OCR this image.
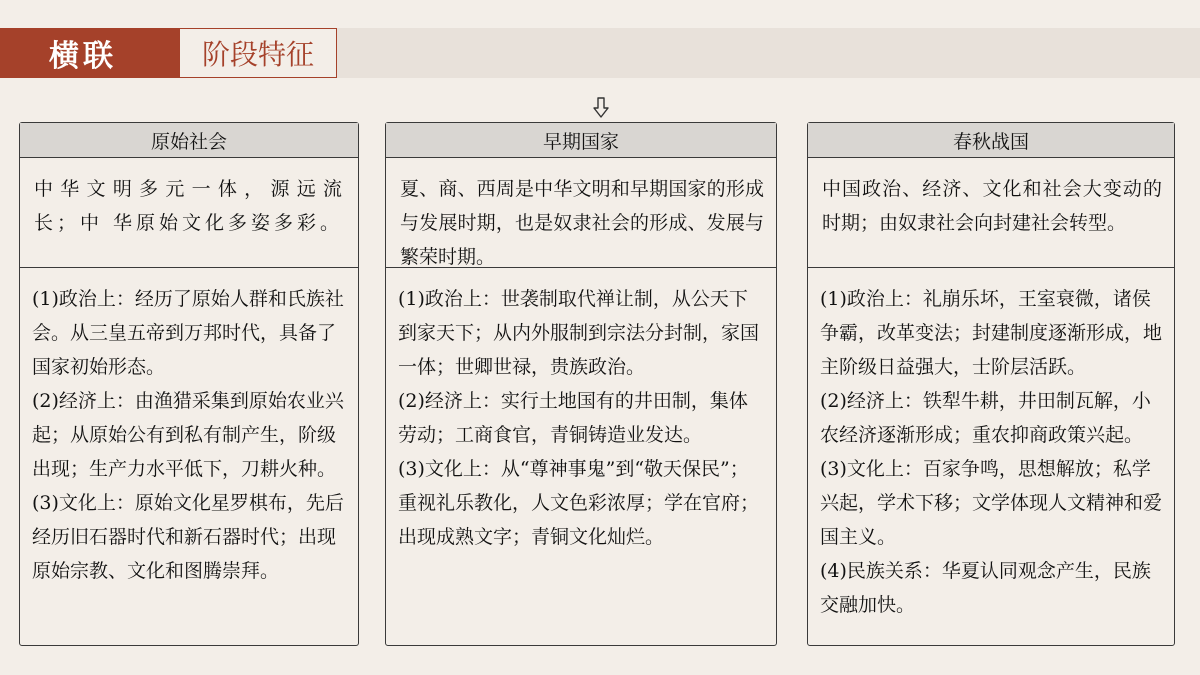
横联	阶段特征
原始社会
中华文明多元一体，源远流长；中 华原始文化多姿多彩。

(1)政治上：经历了原始人群和氏族社会。从三皇五帝到万邦时代，具备了国家初始形态。

(2)经济上：由渔猎采集到原始农业兴起；从原始公有到私有制产生，阶级出现；生产力水平低下，刀耕火种。

(3)文化上：原始文化星罗棋布，先后经历旧石器时代和新石器时代；出现原始宗教、文化和图腾崇拜。

早期国家
夏、商、西周是中华文明和早期国家的形成与发展时期，也是奴隶社会的形成、发展与繁荣时期。

(1)政治上：世袭制取代禅让制，从公天下到家天下；从内外服制到宗法分封制，家国一体；世卿世禄，贵族政治。

(2)经济上：实行土地国有的井田制，集体劳动；工商食官，青铜铸造业发达。

(3)文化上：从“尊神事鬼”到“敬天保民”；重视礼乐教化，人文色彩浓厚；学在官府；出现成熟文字；青铜文化灿烂。

春秋战国
中国政治、经济、文化和社会大变动的时期；由奴隶社会向封建社会转型。

(1)政治上：礼崩乐坏，王室衰微，诸侯争霸，改革变法；封建制度逐渐形成，地主阶级日益强大，士阶层活跃。

(2)经济上：铁犁牛耕，井田制瓦解，小农经济逐渐形成；重农抑商政策兴起。

(3)文化上：百家争鸣，思想解放；私学兴起，学术下移；文学体现人文精神和爱国主义。

(4)民族关系：华夏认同观念产生，民族交融加快。
